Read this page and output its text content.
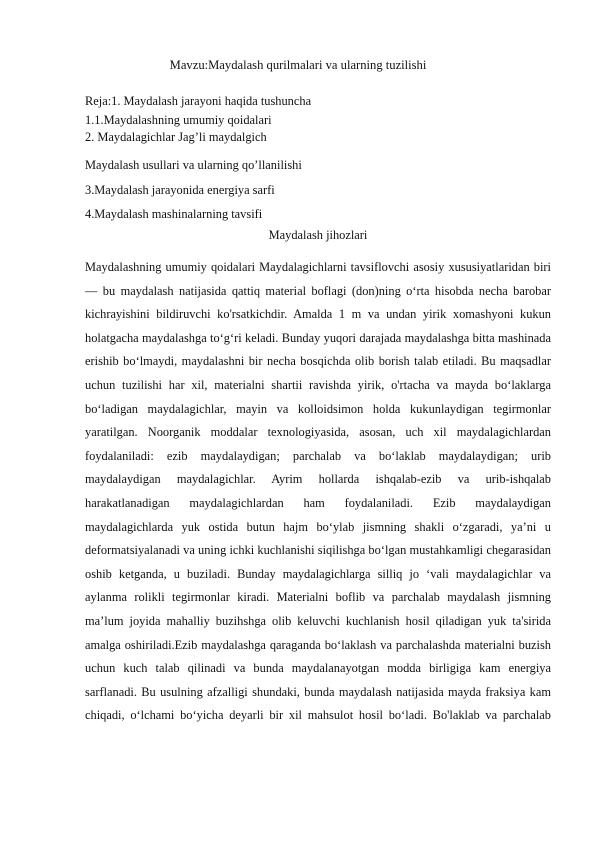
Mavzu:Maydalash qurilmalari va ularning tuzilishi
Reja:1. Maydalash jarayoni haqida tushuncha
1.1.Maydalashning umumiy qoidalari
2. Maydalagichlar Jag’li maydalgich
Maydalash usullari va ularning qo’llanilishi
3.Maydalash jarayonida energiya sarfi
4.Maydalash mashinalarning tavsifi
Maydalash jihozlari
Maydalashning umumiy qoidalari Maydalagichlarni tavsiflovchi asosiy xususiyatlaridan biri — bu maydalash natijasida qattiq material boflagi (don)ning o‘rta hisobda necha barobar kichrayishini bildiruvchi ko'rsatkichdir. Amalda 1 m va undan yirik xomashyoni kukun holatgacha maydalashga to‘g‘ri keladi. Bunday yuqori darajada maydalashga bitta mashinada erishib bo‘lmaydi, maydalashni bir necha bosqichda olib borish talab etiladi. Bu maqsadlar uchun tuzilishi har xil, materialni shartii ravishda yirik, o'rtacha va mayda bo‘laklarga bo‘ladigan maydalagichlar, mayin va kolloidsimon holda kukunlaydigan tegirmonlar yaratilgan. Noorganik moddalar texnologiyasida, asosan, uch xil maydalagichlardan foydalaniladi: ezib maydalaydigan; parchalab va bo‘laklab maydalaydigan; urib maydalaydigan maydalagichlar. Ayrim hollarda ishqalab-ezib va urib-ishqalab harakatlanadigan maydalagichlardan ham foydalaniladi. Ezib maydalaydigan maydalagichlarda yuk ostida butun hajm bo‘ylab jismning shakli o‘zgaradi, ya’ni u deformatsiyalanadi va uning ichki kuchlanishi siqilishga bo‘lgan mustahkamligi chegarasidan oshib ketganda, u buziladi. Bunday maydalagichlarga silliq jo ‘vali maydalagichlar va aylanma rolikli tegirmonlar kiradi. Materialni boflib va parchalab maydalash jismning ma’lum joyida mahalliy buzihshga olib keluvchi kuchlanish hosil qiladigan yuk ta'sirida amalga oshiriladi.Ezib maydalashga qaraganda bo‘laklash va parchalashda materialni buzish uchun kuch talab qilinadi va bunda maydalanayotgan modda birligiga kam energiya sarflanadi. Bu usulning afzalligi shundaki, bunda maydalash natijasida mayda fraksiya kam chiqadi, o‘lchami bo‘yicha deyarli bir xil mahsulot hosil bo‘ladi. Bo'laklab va parchalab
